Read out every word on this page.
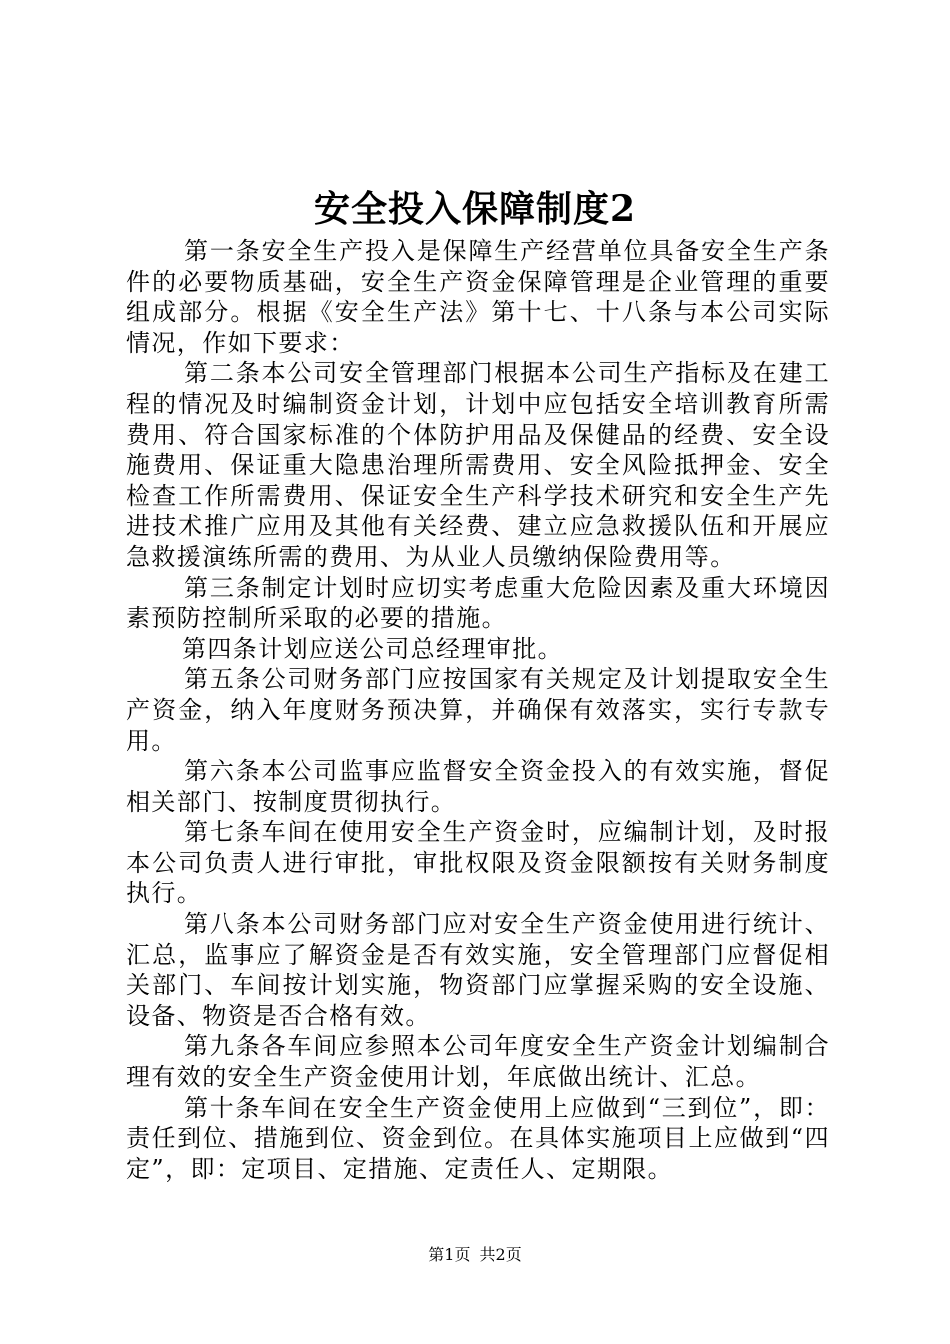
安全投入保障制度2

第一条安全生产投入是保障生产经营单位具备安全生产条件的必要物质基础，安全生产资金保障管理是企业管理的重要组成部分。根据《安全生产法》第十七、十八条与本公司实际情况，作如下要求：

第二条本公司安全管理部门根据本公司生产指标及在建工程的情况及时编制资金计划，计划中应包括安全培训教育所需费用、符合国家标准的个体防护用品及保健品的经费、安全设施费用、保证重大隐患治理所需费用、安全风险抵押金、安全检查工作所需费用、保证安全生产科学技术研究和安全生产先进技术推广应用及其他有关经费、建立应急救援队伍和开展应急救援演练所需的费用、为从业人员缴纳保险费用等。

第三条制定计划时应切实考虑重大危险因素及重大环境因素预防控制所采取的必要的措施。

第四条计划应送公司总经理审批。

第五条公司财务部门应按国家有关规定及计划提取安全生产资金，纳入年度财务预决算，并确保有效落实，实行专款专用。

第六条本公司监事应监督安全资金投入的有效实施，督促相关部门、按制度贯彻执行。

第七条车间在使用安全生产资金时，应编制计划，及时报本公司负责人进行审批，审批权限及资金限额按有关财务制度执行。

第八条本公司财务部门应对安全生产资金使用进行统计、汇总，监事应了解资金是否有效实施，安全管理部门应督促相关部门、车间按计划实施，物资部门应掌握采购的安全设施、设备、物资是否合格有效。

第九条各车间应参照本公司年度安全生产资金计划编制合理有效的安全生产资金使用计划，年底做出统计、汇总。

第十条车间在安全生产资金使用上应做到“三到位”，即：责任到位、措施到位、资金到位。在具体实施项目上应做到“四定”，即：定项目、定措施、定责任人、定期限。

第1页 共2页
